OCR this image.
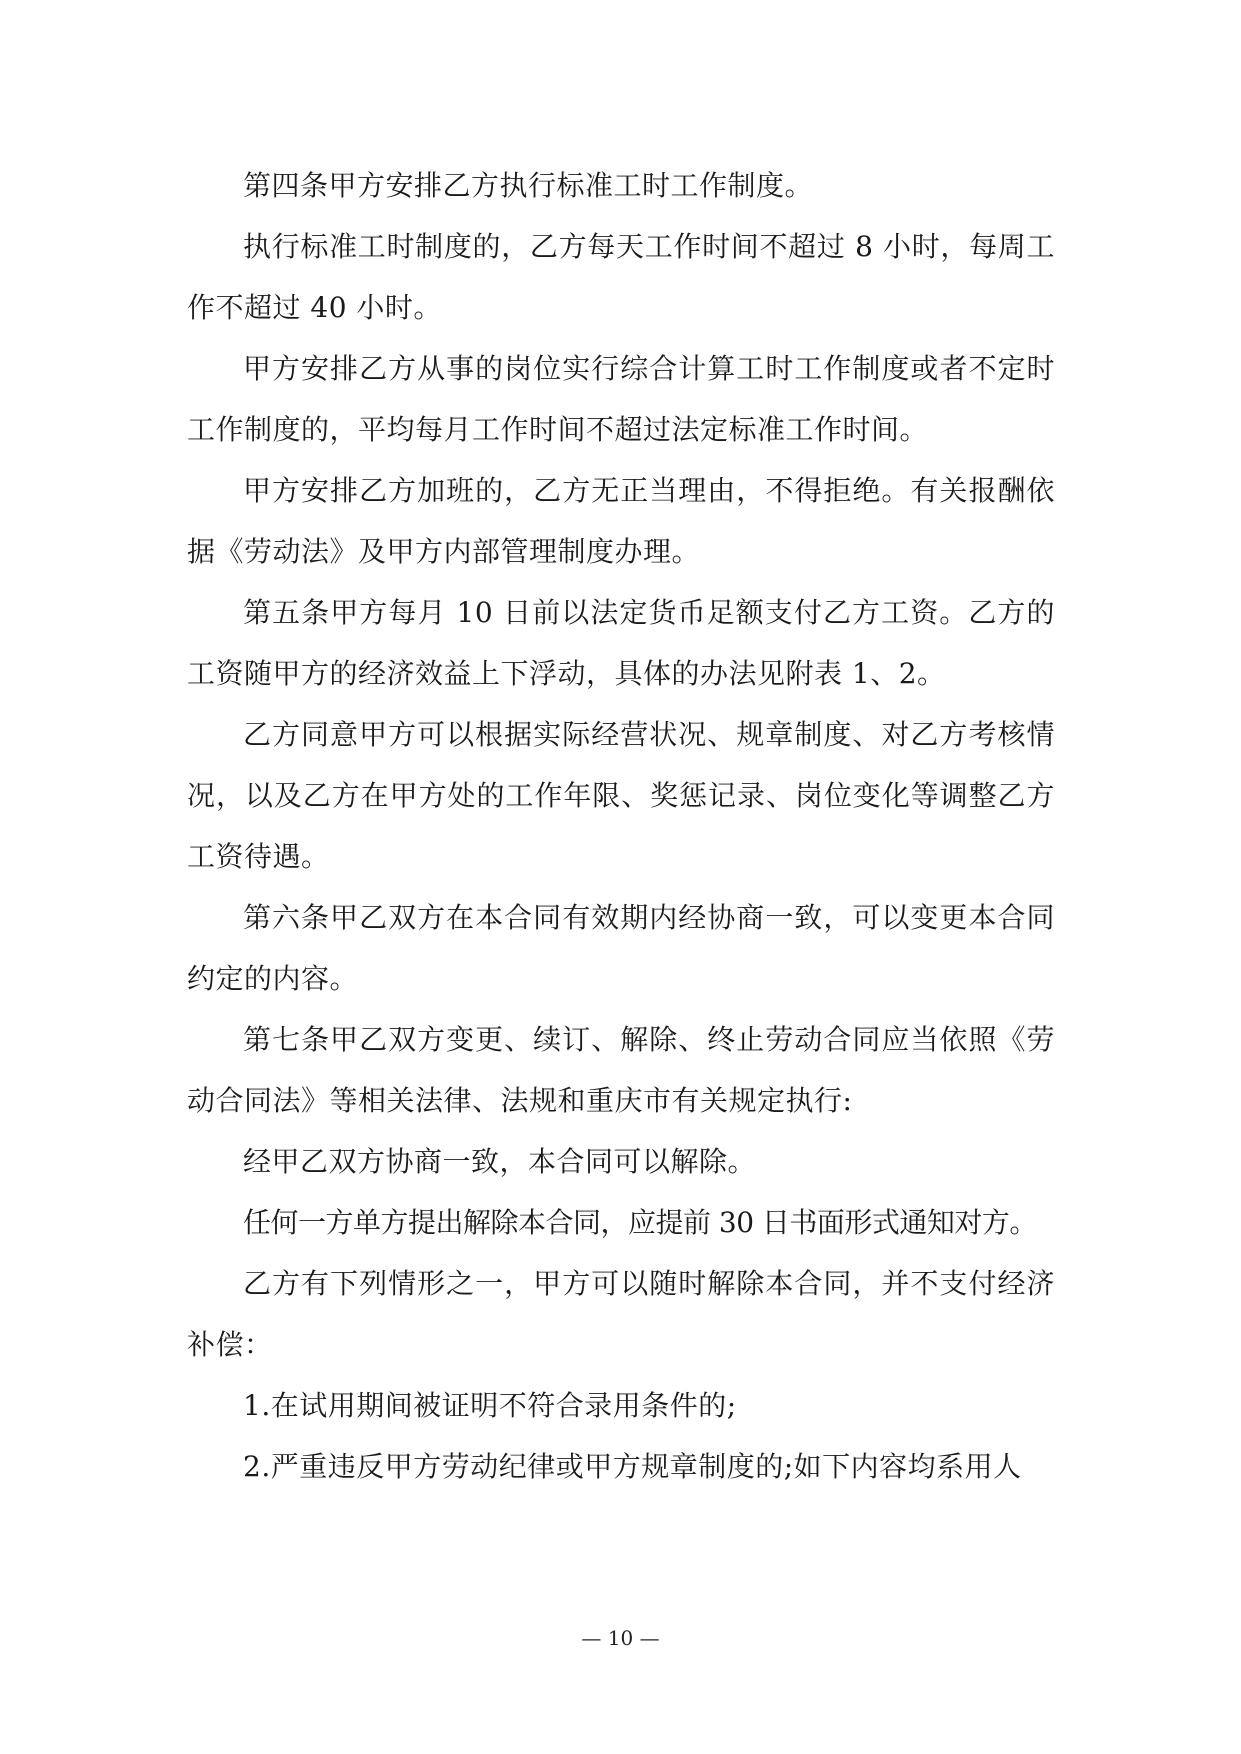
第四条甲方安排乙方执行标准工时工作制度。

执行标准工时制度的，乙方每天工作时间不超过 8 小时，每周工作不超过 40 小时。

甲方安排乙方从事的岗位实行综合计算工时工作制度或者不定时工作制度的，平均每月工作时间不超过法定标准工作时间。

甲方安排乙方加班的，乙方无正当理由，不得拒绝。有关报酬依据《劳动法》及甲方内部管理制度办理。

第五条甲方每月 10 日前以法定货币足额支付乙方工资。乙方的工资随甲方的经济效益上下浮动，具体的办法见附表 1、2。

乙方同意甲方可以根据实际经营状况、规章制度、对乙方考核情况，以及乙方在甲方处的工作年限、奖惩记录、岗位变化等调整乙方工资待遇。

第六条甲乙双方在本合同有效期内经协商一致，可以变更本合同约定的内容。

第七条甲乙双方变更、续订、解除、终止劳动合同应当依照《劳动合同法》等相关法律、法规和重庆市有关规定执行:

经甲乙双方协商一致，本合同可以解除。

任何一方单方提出解除本合同，应提前 30 日书面形式通知对方。

乙方有下列情形之一，甲方可以随时解除本合同，并不支付经济补偿：

1.在试用期间被证明不符合录用条件的;

2.严重违反甲方劳动纪律或甲方规章制度的;如下内容均系用人

— 10 —
